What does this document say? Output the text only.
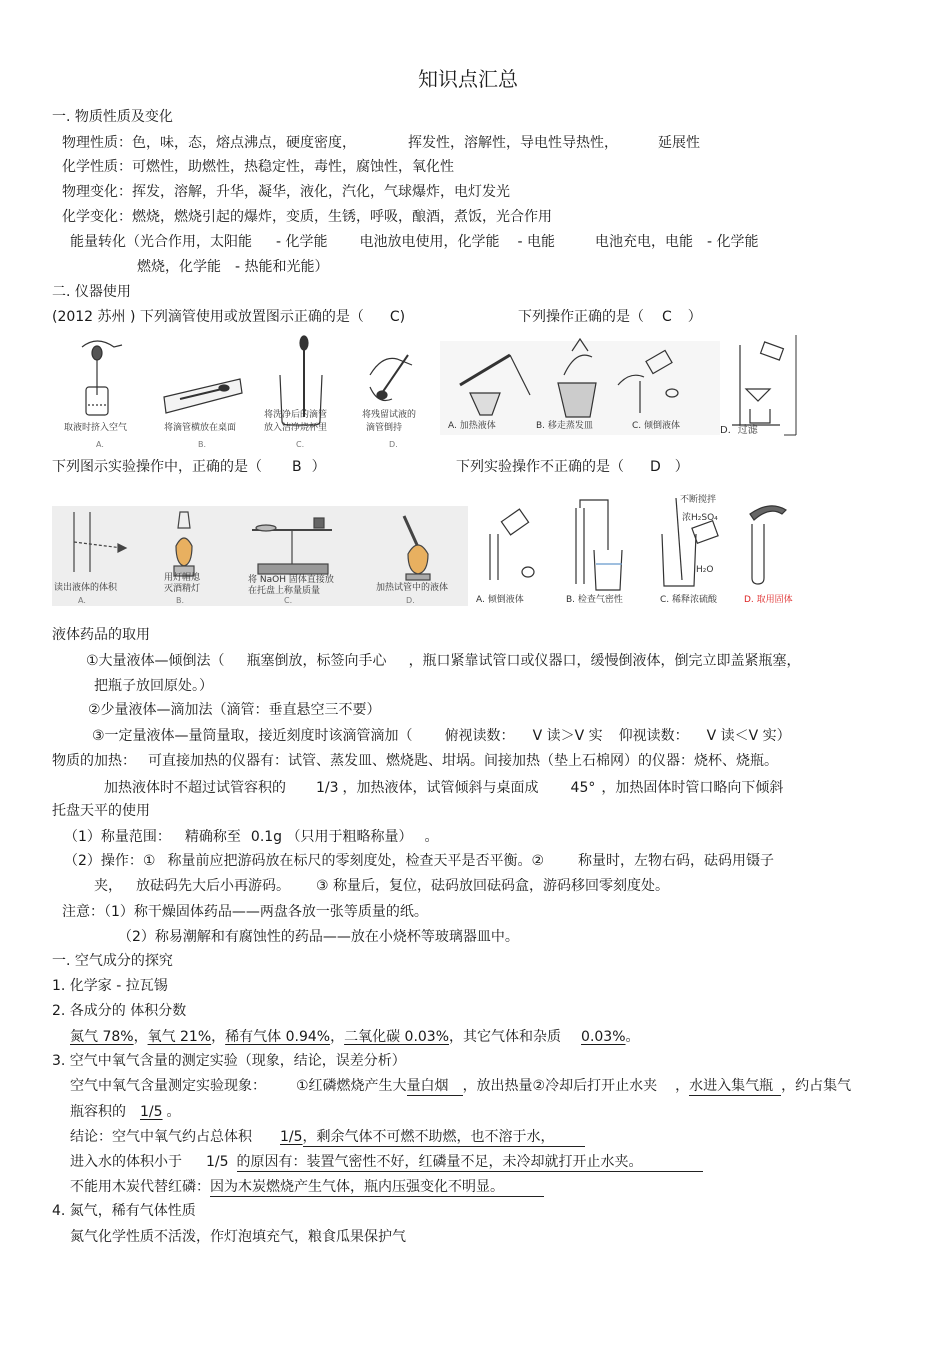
知识点汇总
一. 物质性质及变化
物理性质：色，味，态，熔点沸点，硬度密度，	挥发性，溶解性，导电性导热性，	延展性
化学性质：可燃性，助燃性，热稳定性，毒性，腐蚀性，氧化性
物理变化：挥发，溶解，升华，凝华，液化，汽化，气球爆炸，电灯发光
化学变化：燃烧，燃烧引起的爆炸，变质，生锈，呼吸，酿酒，煮饭，光合作用
能量转化（光合作用，太阳能 - 化学能 电池放电使用，化学能 - 电能	电池充电，电能 - 化学能
燃烧，化学能 - 热能和光能）
二. 仪器使用
(2012 苏州 ) 下列滴管使用或放置图示正确的是（ C)	下列操作正确的是（ C ）
取液时挤入空气	将滴管横放在桌面
将洗净后的滴管
放入洁净烧杯里
将残留试液的
滴管倒持
A.	B.	C.	D.
A. 加热液体	B. 移走蒸发皿	C. 倾倒液体	D．过滤
下列图示实验操作中，正确的是（ B ）	下列实验操作不正确的是（ D ）
读出液体的体积
用灯帽熄
灭酒精灯
将 NaOH 固体直接放
在托盘上称量质量	加热试管中的液体
A.	B.	C.	D.
不断搅拌
浓H₂SO₄
H₂O
A. 倾倒液体	B. 检查气密性	C. 稀释浓硫酸	D. 取用固体
液体药品的取用
①大量液体—倾倒法（ 瓶塞倒放，标签向手心 ，瓶口紧靠试管口或仪器口，缓慢倒液体，倒完立即盖紧瓶塞，
把瓶子放回原处。）
②少量液体—滴加法（滴管：垂直悬空三不要）
③一定量液体—量筒量取，接近刻度时该滴管滴加（ 俯视读数： V 读＞V 实 仰视读数： V 读＜V 实）
物质的加热： 可直接加热的仪器有：试管、蒸发皿、燃烧匙、坩埚。间接加热（垫上石棉网）的仪器：烧杯、烧瓶。
加热液体时不超过试管容积的 1/3 ，加热液体，试管倾斜与桌面成 45° ，加热固体时管口略向下倾斜
托盘天平的使用
（1）称量范围： 精确称至 0.1g （只用于粗略称量） 。
（2）操作：① 称量前应把游码放在标尺的零刻度处，检查天平是否平衡。② 称量时，左物右码，砝码用镊子
夹， 放砝码先大后小再游码。 ③ 称量后，复位，砝码放回砝码盒，游码移回零刻度处。
注意：（1）称干燥固体药品——两盘各放一张等质量的纸。
（2）称易潮解和有腐蚀性的药品——放在小烧杯等玻璃器皿中。
一. 空气成分的探究
1. 化学家 - 拉瓦锡
2. 各成分的 体积分数
氮气 78%，氧气 21%，稀有气体 0.94%，二氧化碳 0.03%，其它气体和杂质 0.03%。
3. 空气中氧气含量的测定实验（现象，结论，误差分析）
空气中氧气含量测定实验现象： ①红磷燃烧产生大量白烟 ，放出热量②冷却后打开止水夹 ，水进入集气瓶 ，约占集气
瓶容积的 1/5 。
结论：空气中氧气约占总体积 1/5，剩余气体不可燃不助燃，也不溶于水，
进入水的体积小于 1/5 的原因有：装置气密性不好，红磷量不足，未冷却就打开止水夹。
不能用木炭代替红磷：因为木炭燃烧产生气体，瓶内压强变化不明显。
4. 氮气，稀有气体性质
氮气化学性质不活泼，作灯泡填充气，粮食瓜果保护气
